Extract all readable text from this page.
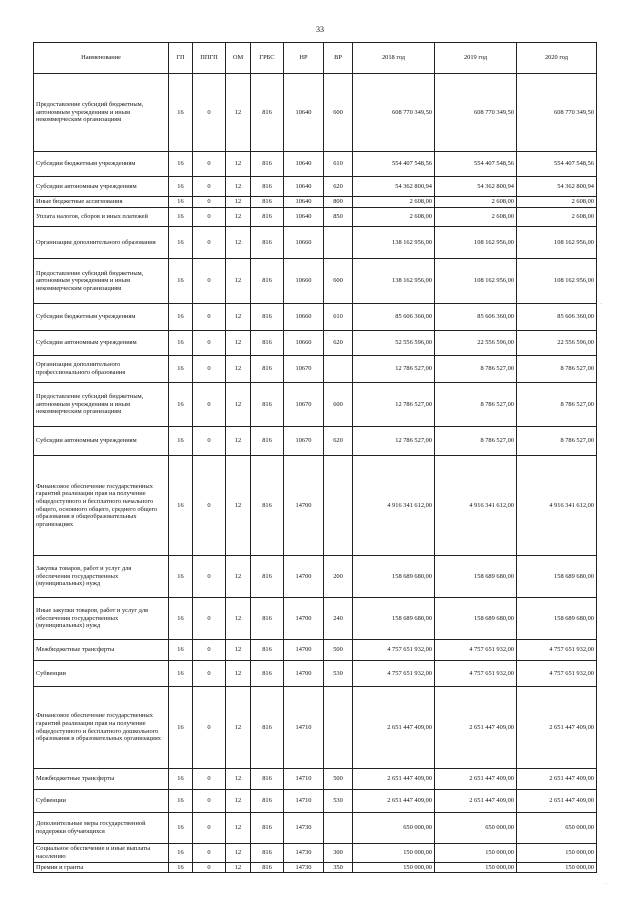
33
Наименование	ГП	ППГП	ОМ	ГРБС	НР	ВР	2018 год	2019 год	2020 год
Предоставление субсидий бюджетным, автономным учреждениям и иным некоммерческим организациям	16	0	12	816	10640	600	608 770 349,50	608 770 349,50	608 770 349,50
Субсидии бюджетным учреждениям	16	0	12	816	10640	610	554 407 548,56	554 407 548,56	554 407 548,56
Субсидии автономным учреждениям	16	0	12	816	10640	620	54 362 800,94	54 362 800,94	54 362 800,94
Иные бюджетные ассигнования	16	0	12	816	10640	800	2 608,00	2 608,00	2 608,00
Уплата налогов, сборов и иных платежей	16	0	12	816	10640	850	2 608,00	2 608,00	2 608,00
Организации дополнительного образования	16	0	12	816	10660		138 162 956,00	108 162 956,00	108 162 956,00
Предоставление субсидий бюджетным, автономным учреждениям и иным некоммерческим организациям	16	0	12	816	10660	600	138 162 956,00	108 162 956,00	108 162 956,00
Субсидии бюджетным учреждениям	16	0	12	816	10660	610	85 606 360,00	85 606 360,00	85 606 360,00
Субсидии автономным учреждениям	16	0	12	816	10660	620	52 556 596,00	22 556 596,00	22 556 596,00
Организации дополнительного профессионального образования	16	0	12	816	10670		12 786 527,00	8 786 527,00	8 786 527,00
Предоставление субсидий бюджетным, автономным учреждениям и иным некоммерческим организациям	16	0	12	816	10670	600	12 786 527,00	8 786 527,00	8 786 527,00
Субсидии автономным учреждениям	16	0	12	816	10670	620	12 786 527,00	8 786 527,00	8 786 527,00
Финансовое обеспечение государственных гарантий реализации прав на получение общедоступного и бесплатного начального общего, основного общего, среднего общего образования в общеобразовательных организациях	16	0	12	816	14700		4 916 341 612,00	4 916 341 612,00	4 916 341 612,00
Закупка товаров, работ и услуг для обеспечения государственных (муниципальных) нужд	16	0	12	816	14700	200	158 689 680,00	158 689 680,00	158 689 680,00
Иные закупки товаров, работ и услуг для обеспечения государственных (муниципальных) нужд	16	0	12	816	14700	240	158 689 680,00	158 689 680,00	158 689 680,00
Межбюджетные трансферты	16	0	12	816	14700	500	4 757 651 932,00	4 757 651 932,00	4 757 651 932,00
Субвенции	16	0	12	816	14700	530	4 757 651 932,00	4 757 651 932,00	4 757 651 932,00
Финансовое обеспечение государственных гарантий реализации прав на получение общедоступного и бесплатного дошкольного образования в образовательных организациях	16	0	12	816	14710		2 651 447 409,00	2 651 447 409,00	2 651 447 409,00
Межбюджетные трансферты	16	0	12	816	14710	500	2 651 447 409,00	2 651 447 409,00	2 651 447 409,00
Субвенции	16	0	12	816	14710	530	2 651 447 409,00	2 651 447 409,00	2 651 447 409,00
Дополнительные меры государственной поддержки обучающихся	16	0	12	816	14730		650 000,00	650 000,00	650 000,00
Социальное обеспечение и иные выплаты населению	16	0	12	816	14730	300	150 000,00	150 000,00	150 000,00
Премии и гранты	16	0	12	816	14730	350	150 000,00	150 000,00	150 000,00
·
·
·
